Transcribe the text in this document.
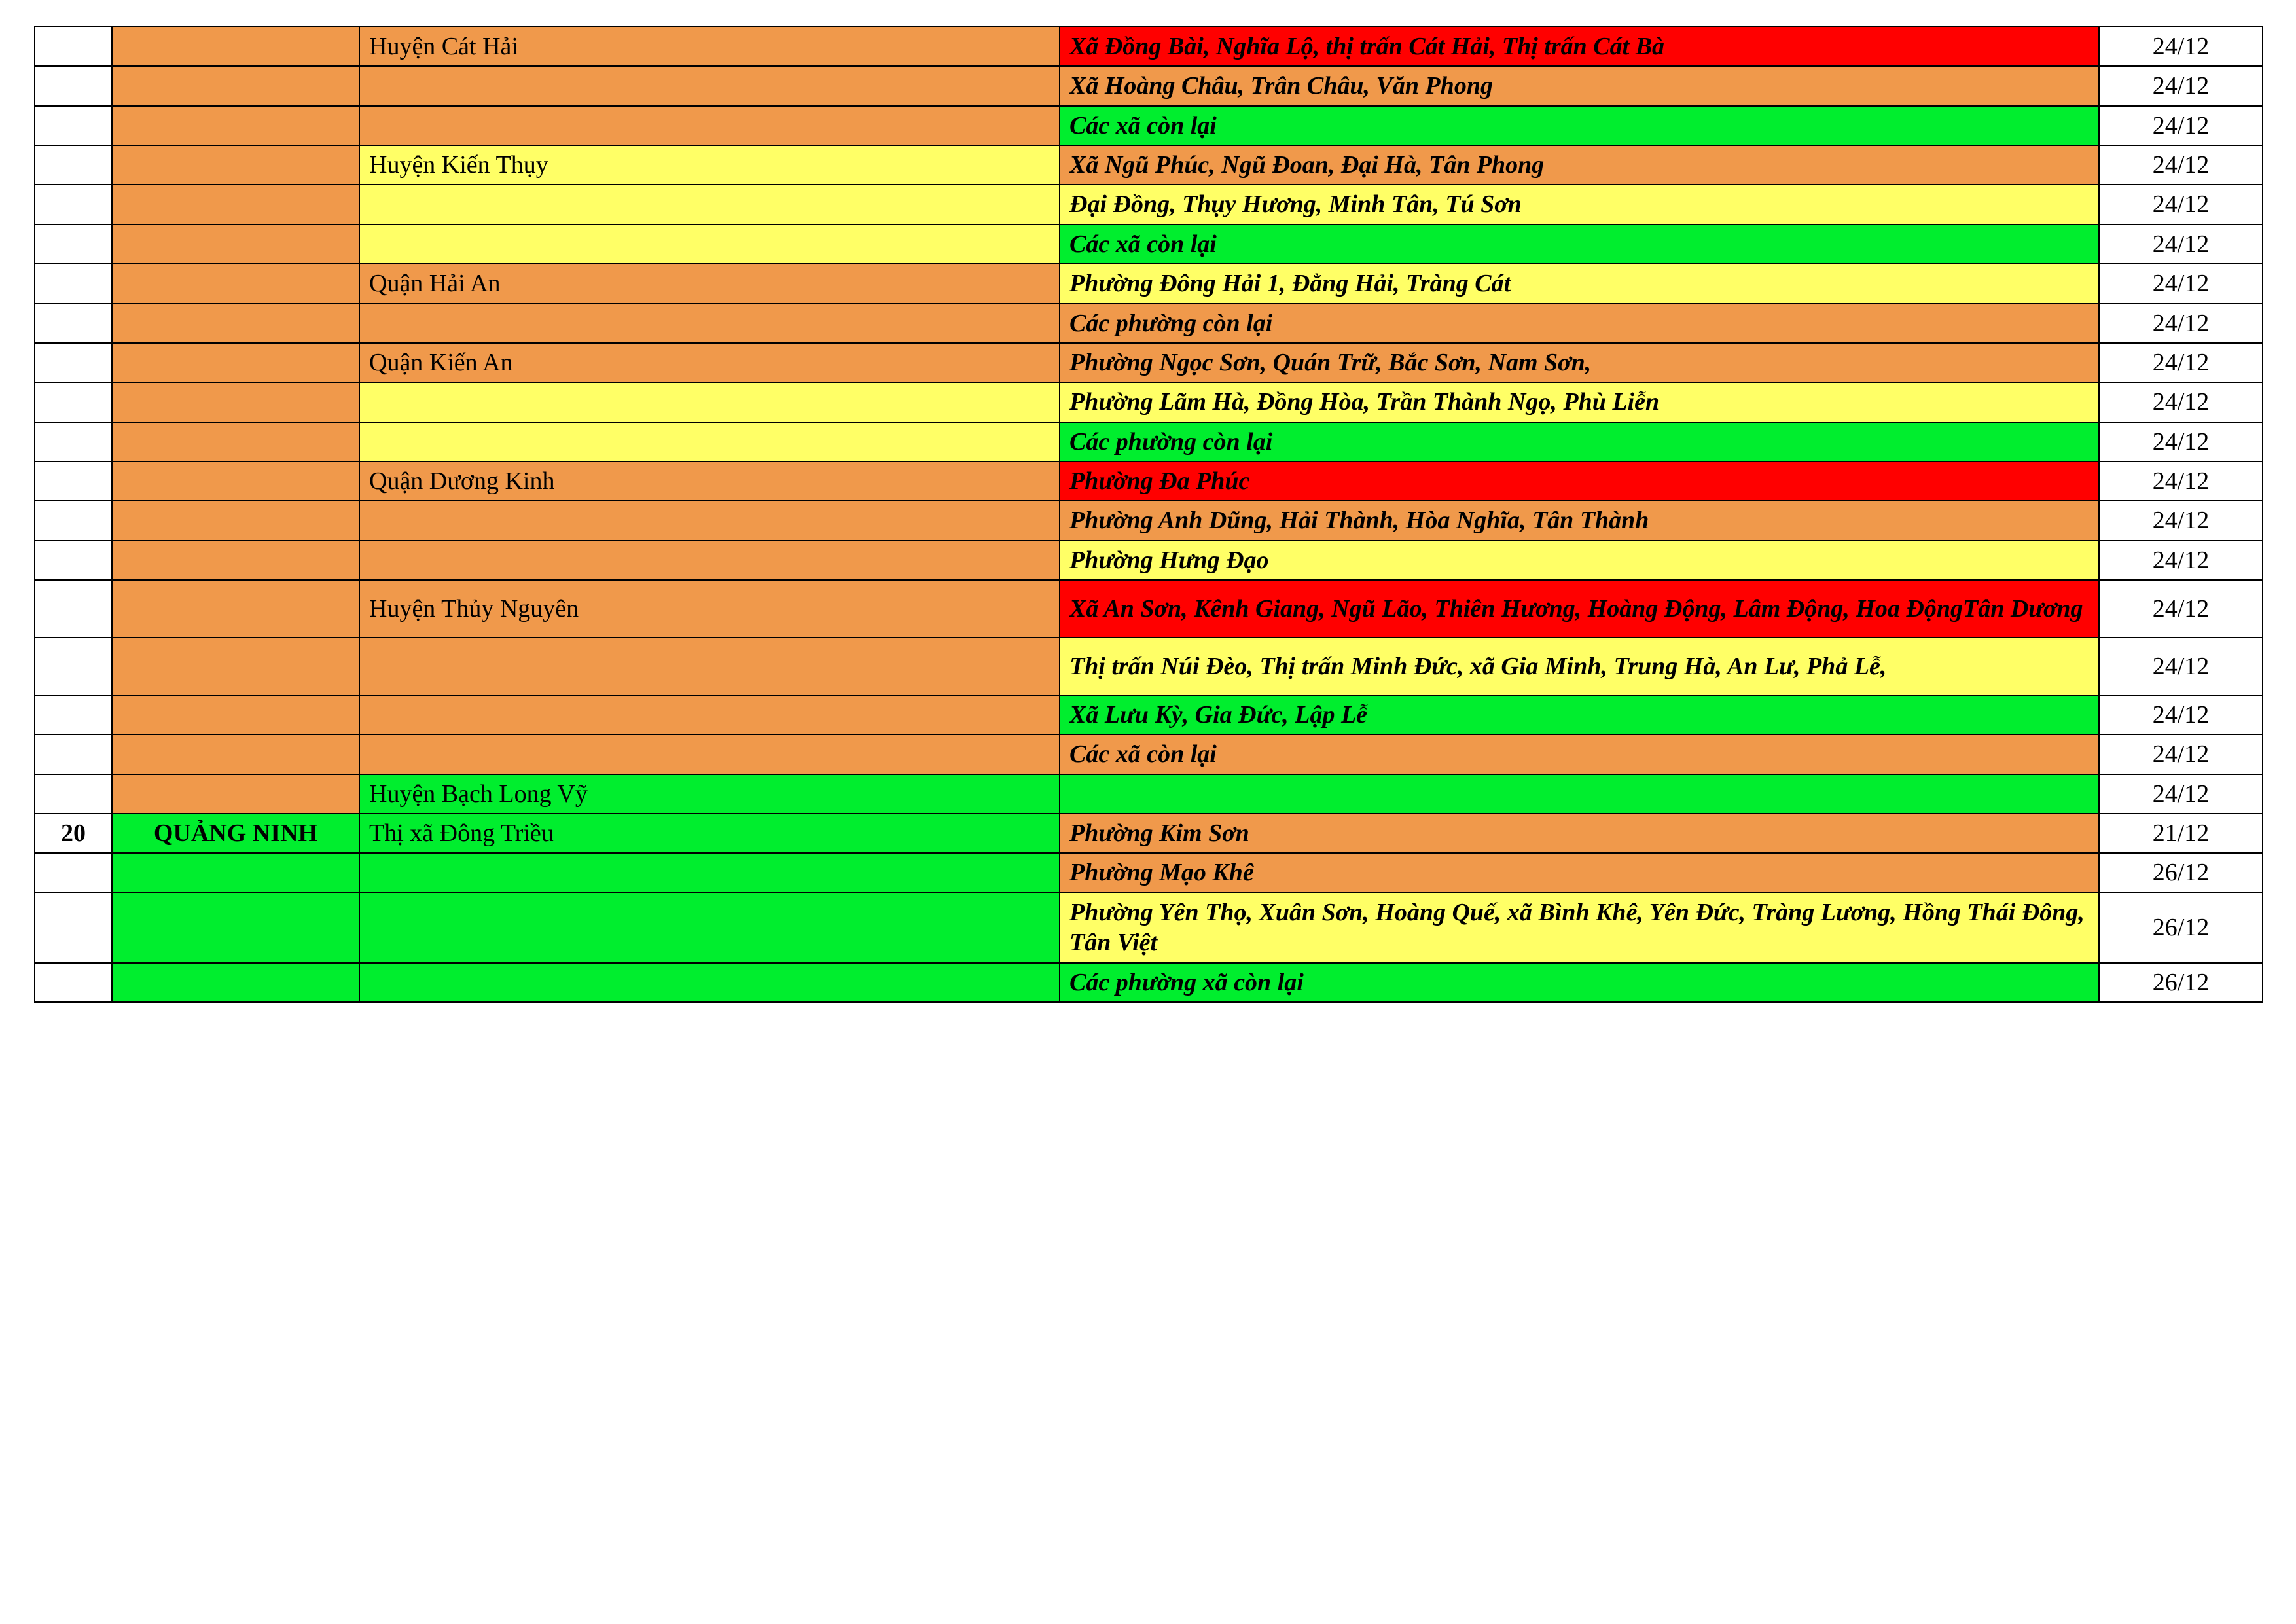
		Huyện Cát Hải	Xã Đồng Bài, Nghĩa Lộ, thị trấn Cát Hải, Thị trấn Cát Bà	24/12
			Xã Hoàng Châu, Trân Châu, Văn Phong	24/12
			Các xã còn lại	24/12
		Huyện Kiến Thụy	Xã Ngũ Phúc, Ngũ Đoan, Đại Hà, Tân Phong	24/12
			Đại Đồng, Thụy Hương, Minh Tân, Tú Sơn	24/12
			Các xã còn lại	24/12
		Quận Hải An	Phường Đông Hải 1, Đằng Hải, Tràng Cát	24/12
			Các phường còn lại	24/12
		Quận Kiến An	Phường Ngọc Sơn, Quán Trữ, Bắc Sơn, Nam Sơn,	24/12
			Phường Lãm Hà, Đồng Hòa, Trần Thành Ngọ, Phù Liễn	24/12
			Các phường còn lại	24/12
		Quận Dương Kinh	Phường Đa Phúc	24/12
			Phường Anh Dũng, Hải Thành, Hòa Nghĩa, Tân Thành	24/12
			Phường Hưng Đạo	24/12
		Huyện Thủy Nguyên	Xã An Sơn, Kênh Giang, Ngũ Lão, Thiên Hương, Hoàng Động, Lâm Động, Hoa ĐộngTân Dương	24/12
			Thị trấn Núi Đèo, Thị trấn Minh Đức, xã Gia Minh, Trung Hà, An Lư, Phả Lễ,	24/12
			Xã Lưu Kỳ, Gia Đức, Lập Lễ	24/12
			Các xã còn lại	24/12
		Huyện Bạch Long Vỹ		24/12
20	QUẢNG NINH	Thị xã Đông Triều	Phường Kim Sơn	21/12
			Phường Mạo Khê	26/12
			Phường Yên Thọ, Xuân Sơn, Hoàng Quế, xã Bình Khê, Yên Đức, Tràng Lương, Hồng Thái Đông, Tân Việt	26/12
			Các phường xã còn lại	26/12
